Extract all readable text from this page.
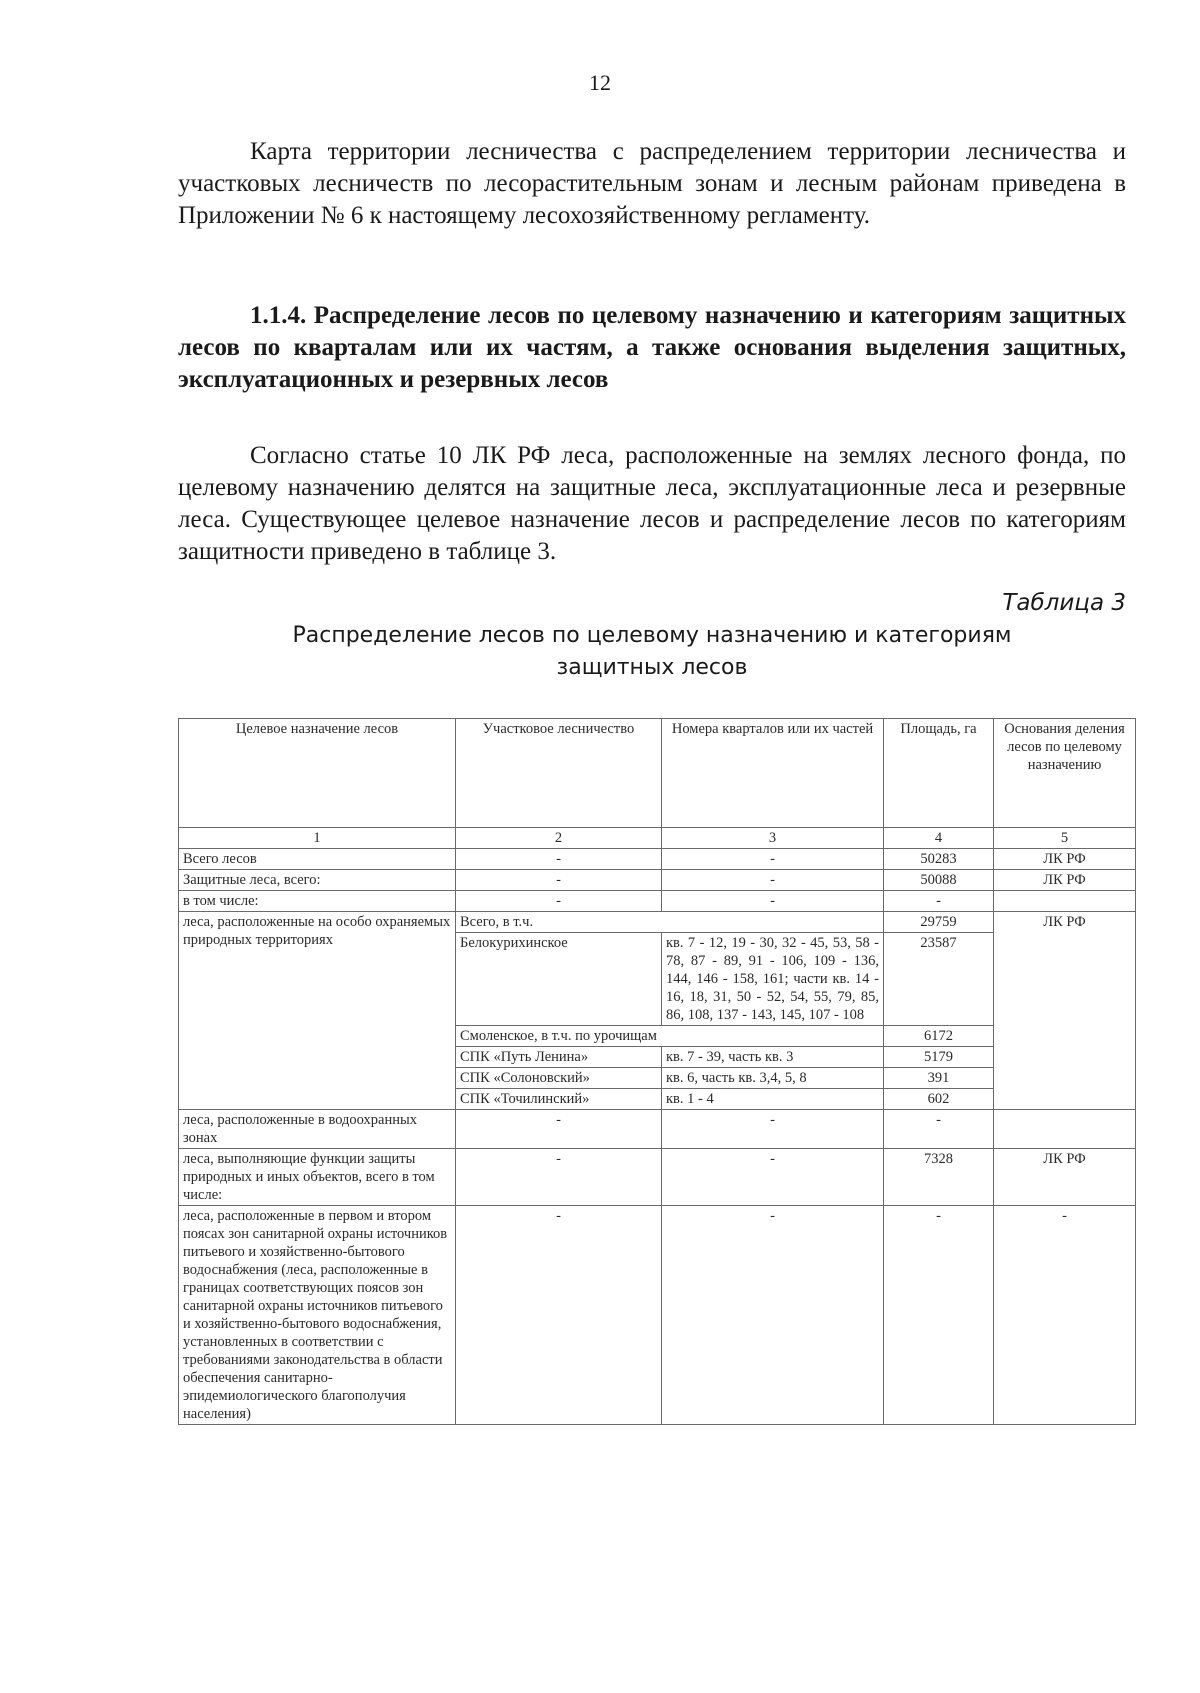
12

Карта территории лесничества с распределением территории лесничества и участковых лесничеств по лесорастительным зонам и лесным районам приведена в Приложении № 6 к настоящему лесохозяйственному регламенту.

1.1.4. Распределение лесов по целевому назначению и категориям защитных лесов по кварталам или их частям, а также основания выделения защитных, эксплуатационных и резервных лесов

Согласно статье 10 ЛК РФ леса, расположенные на землях лесного фонда, по целевому назначению делятся на защитные леса, эксплуатационные леса и резервные леса. Существующее целевое назначение лесов и распределение лесов по категориям защитности приведено в таблице 3.

Таблица 3
Распределение лесов по целевому назначению и категориям
защитных лесов
Целевое назначение лесов	Участковое лесничество	Номера кварталов или их частей	Площадь, га	Основания деления лесов по целевому назначению
1	2	3	4	5
Всего лесов	-	-	50283	ЛК РФ
Защитные леса, всего:	-	-	50088	ЛК РФ
в том числе:	-	-	-	
леса, расположенные на особо охраняемых природных территориях	Всего, в т.ч.		29759	ЛК РФ
	Белокурихинское	кв. 7 - 12, 19 - 30, 32 - 45, 53, 58 - 78, 87 - 89, 91 - 106, 109 - 136, 144, 146 - 158, 161; части кв. 14 - 16, 18, 31, 50 - 52, 54, 55, 79, 85, 86, 108, 137 - 143, 145, 107 - 108	23587	
	Смоленское, в т.ч. по урочищам		6172	
	СПК «Путь Ленина»	кв. 7 - 39, часть кв. 3	5179	
	СПК «Солоновский»	кв. 6, часть кв. 3,4, 5, 8	391	
	СПК «Точилинский»	кв. 1 - 4	602	
леса, расположенные в водоохранных зонах	-	-	-	
леса, выполняющие функции защиты природных и иных объектов, всего в том числе:	-	-	7328	ЛК РФ
леса, расположенные в первом и втором поясах зон санитарной охраны источников питьевого и хозяйственно-бытового водоснабжения (леса, расположенные в границах соответствующих поясов зон санитарной охраны источников питьевого и хозяйственно-бытового водоснабжения, установленных в соответствии с требованиями законодательства в области обеспечения санитарно-эпидемиологического благополучия населения)	-	-	-	-
